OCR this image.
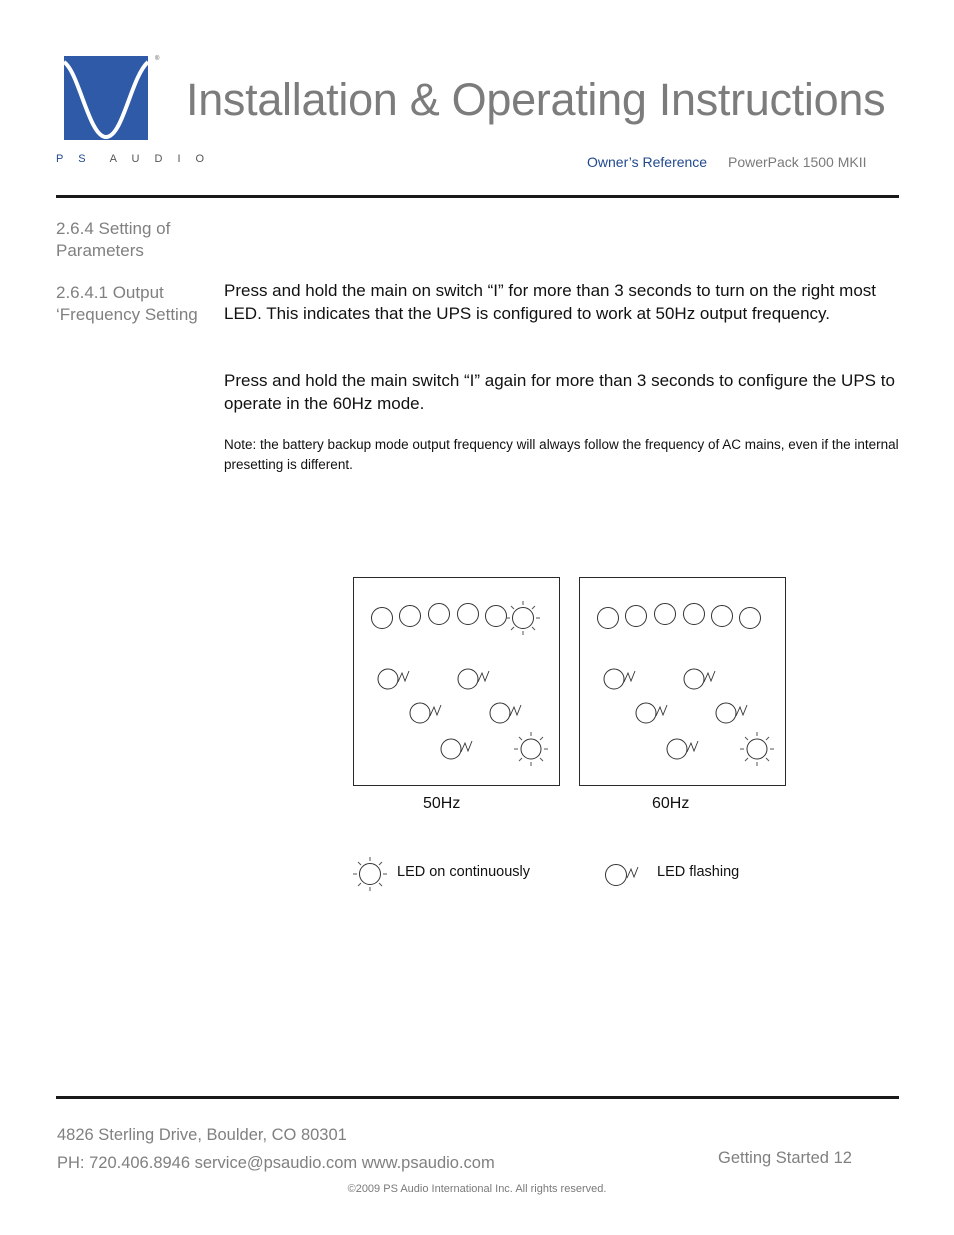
®
P S A U D I O
Installation & Operating Instructions
Owner’s Reference PowerPack 1500 MKII
2.6.4 Setting of Parameters
2.6.4.1 Output ‘Frequency Setting
Press and hold the main on switch “I” for more than 3 seconds to turn on the right most LED. This indicates that the UPS is configured to work at 50Hz output frequency.
Press and hold the main switch “I” again for more than 3 seconds to configure the UPS to operate in the 60Hz mode.
Note: the battery backup mode output frequency will always follow the frequency of AC mains, even if the internal presetting is different.
50Hz	60Hz
LED on continuously	LED flashing
4826 Sterling Drive, Boulder, CO 80301
PH: 720.406.8946 service@psaudio.com www.psaudio.com	Getting Started 12
©2009 PS Audio International Inc. All rights reserved.
